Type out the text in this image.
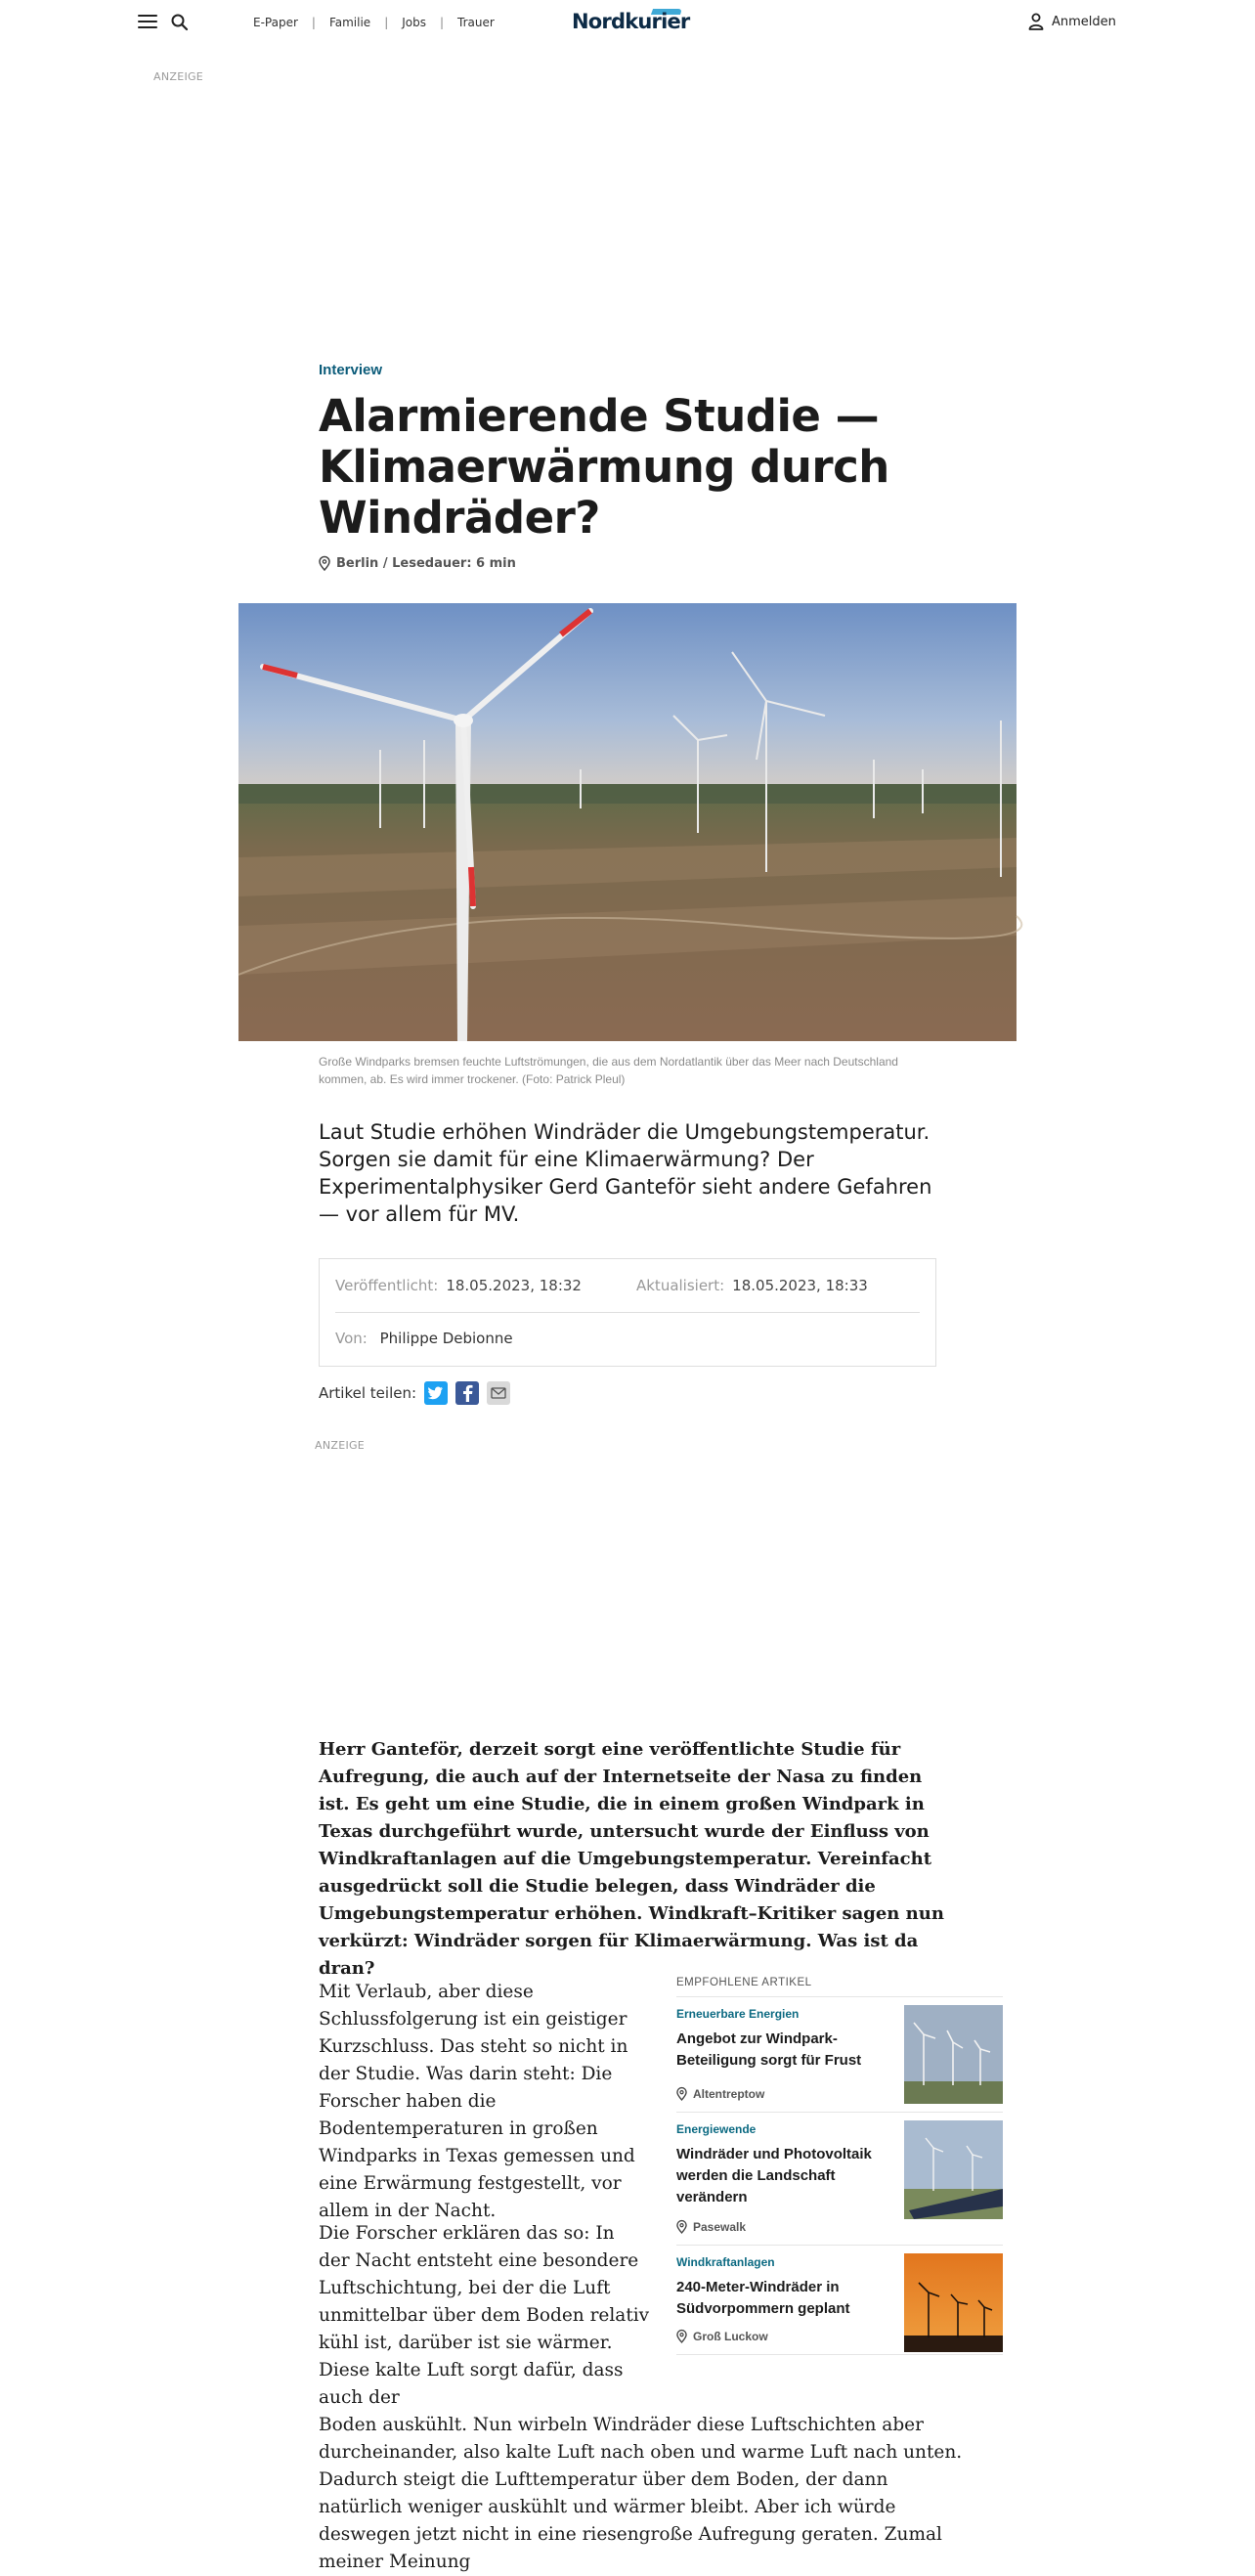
E-Paper | Familie | Jobs | Trauer	Nordkurier	Anmelden
ANZEIGE
Interview
Alarmierende Studie — Klimaerwärmung durch Windräder?
Berlin / Lesedauer: 6 min
Große Windparks bremsen feuchte Luftströmungen, die aus dem Nordatlantik über das Meer nach Deutschland kommen, ab. Es wird immer trockener. (Foto: Patrick Pleul)

Laut Studie erhöhen Windräder die Umgebungstemperatur. Sorgen sie damit für eine Klimaerwärmung? Der Experimentalphysiker Gerd Ganteför sieht andere Gefahren — vor allem für MV.

Veröffentlicht: 18.05.2023, 18:32	Aktualisiert: 18.05.2023, 18:33
Von: Philippe Debionne
Artikel teilen:
ANZEIGE

Herr Ganteför, derzeit sorgt eine veröffentlichte Studie für Aufregung, die auch auf der Internetseite der Nasa zu finden ist. Es geht um eine Studie, die in einem großen Windpark in Texas durchgeführt wurde, untersucht wurde der Einfluss von Windkraftanlagen auf die Umgebungstemperatur. Vereinfacht ausgedrückt soll die Studie belegen, dass Windräder die Umgebungstemperatur erhöhen. Windkraft–Kritiker sagen nun verkürzt: Windräder sorgen für Klimaerwärmung. Was ist da dran?

Mit Verlaub, aber diese Schlussfolgerung ist ein geistiger Kurzschluss. Das steht so nicht in der Studie. Was darin steht: Die Forscher haben die Bodentemperaturen in großen Windparks in Texas gemessen und eine Erwärmung festgestellt, vor allem in der Nacht.

Die Forscher erklären das so: In der Nacht entsteht eine besondere Luftschichtung, bei der die Luft unmittelbar über dem Boden relativ kühl ist, darüber ist sie wärmer. Diese kalte Luft sorgt dafür, dass auch der
Boden auskühlt. Nun wirbeln Windräder diese Luftschichten aber durcheinander, also kalte Luft nach oben und warme Luft nach unten. Dadurch steigt die Lufttemperatur über dem Boden, der dann natürlich weniger auskühlt und wärmer bleibt. Aber ich würde deswegen jetzt nicht in eine riesengroße Aufregung geraten. Zumal meiner Meinung

EMPFOHLENE ARTIKEL
Erneuerbare Energien
Angebot zur Windpark-Beteiligung sorgt für Frust
Altentreptow
Energiewende
Windräder und Photovoltaik werden die Landschaft verändern
Pasewalk
Windkraftanlagen
240-Meter-Windräder in Südvorpommern geplant
Groß Luckow
